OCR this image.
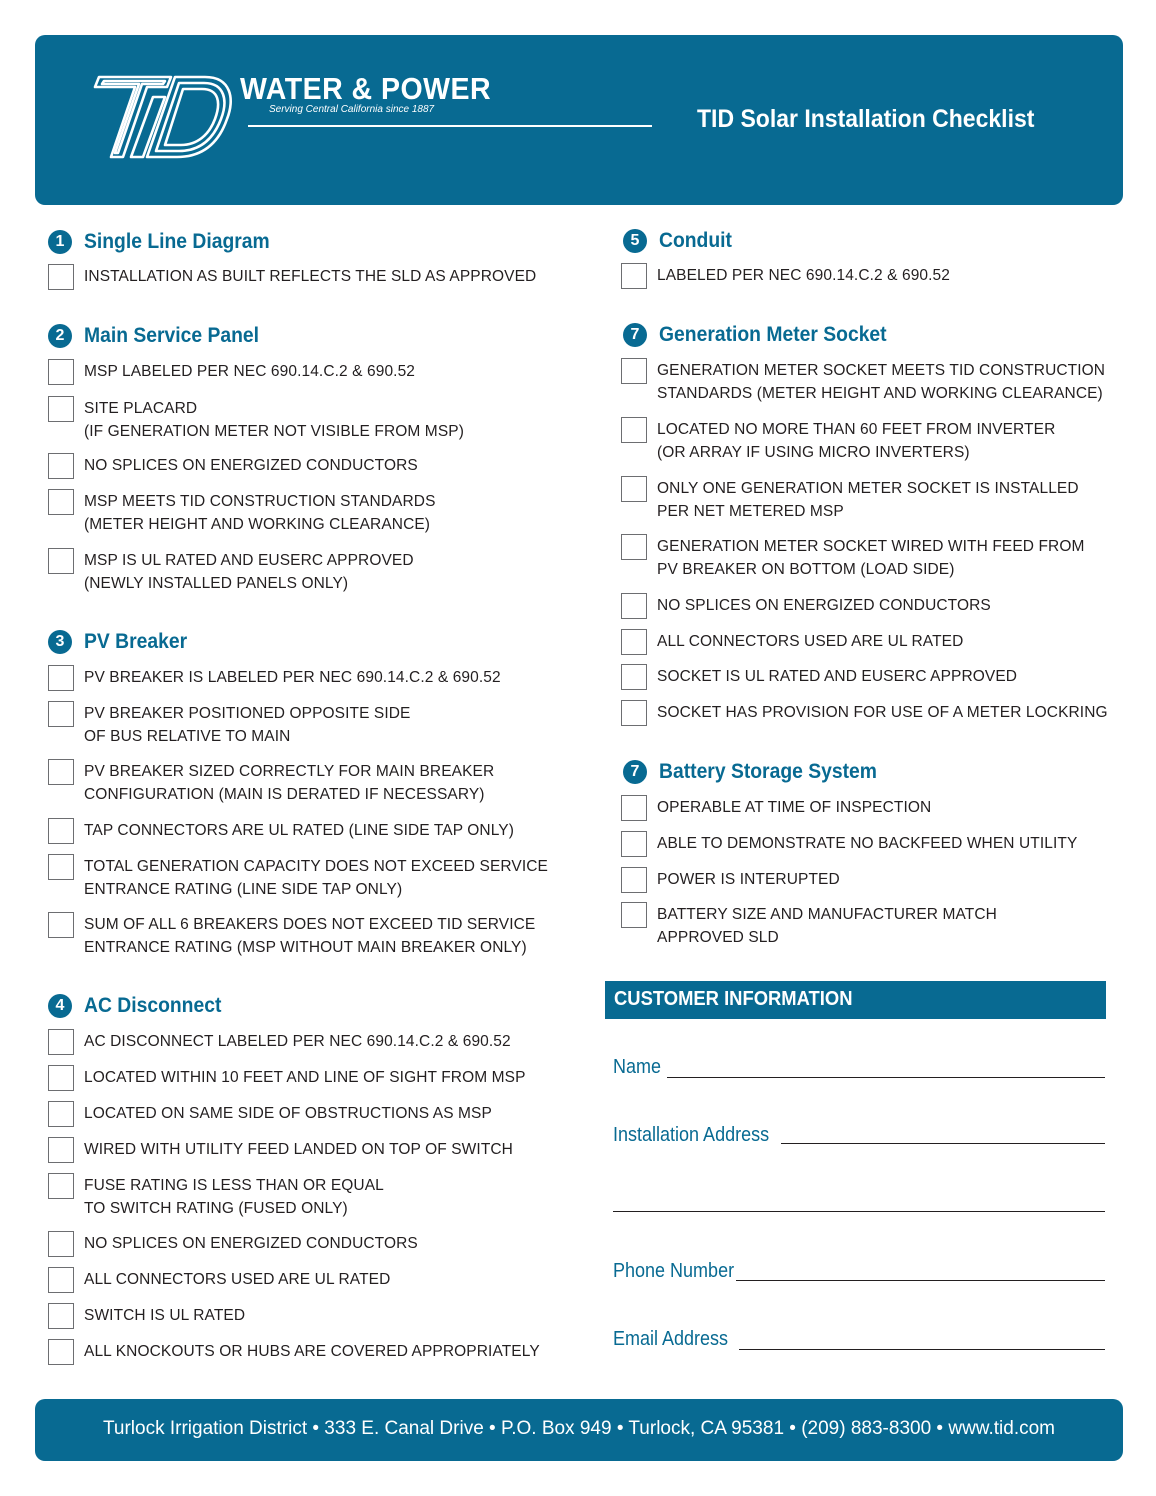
WATER & POWER
Serving Central California since 1887	TID Solar Installation Checklist
1 Single Line Diagram
INSTALLATION AS BUILT REFLECTS THE SLD AS APPROVED
2 Main Service Panel
MSP LABELED PER NEC 690.14.C.2 & 690.52
SITE PLACARD
(IF GENERATION METER NOT VISIBLE FROM MSP)
NO SPLICES ON ENERGIZED CONDUCTORS
MSP MEETS TID CONSTRUCTION STANDARDS
(METER HEIGHT AND WORKING CLEARANCE)
MSP IS UL RATED AND EUSERC APPROVED
(NEWLY INSTALLED PANELS ONLY)
3 PV Breaker
PV BREAKER IS LABELED PER NEC 690.14.C.2 & 690.52
PV BREAKER POSITIONED OPPOSITE SIDE
OF BUS RELATIVE TO MAIN
PV BREAKER SIZED CORRECTLY FOR MAIN BREAKER
CONFIGURATION (MAIN IS DERATED IF NECESSARY)
TAP CONNECTORS ARE UL RATED (LINE SIDE TAP ONLY)
TOTAL GENERATION CAPACITY DOES NOT EXCEED SERVICE
ENTRANCE RATING (LINE SIDE TAP ONLY)
SUM OF ALL 6 BREAKERS DOES NOT EXCEED TID SERVICE
ENTRANCE RATING (MSP WITHOUT MAIN BREAKER ONLY)
4 AC Disconnect
AC DISCONNECT LABELED PER NEC 690.14.C.2 & 690.52
LOCATED WITHIN 10 FEET AND LINE OF SIGHT FROM MSP
LOCATED ON SAME SIDE OF OBSTRUCTIONS AS MSP
WIRED WITH UTILITY FEED LANDED ON TOP OF SWITCH
FUSE RATING IS LESS THAN OR EQUAL
TO SWITCH RATING (FUSED ONLY)
NO SPLICES ON ENERGIZED CONDUCTORS
ALL CONNECTORS USED ARE UL RATED
SWITCH IS UL RATED
ALL KNOCKOUTS OR HUBS ARE COVERED APPROPRIATELY
5 Conduit
LABELED PER NEC 690.14.C.2 & 690.52
7 Generation Meter Socket
GENERATION METER SOCKET MEETS TID CONSTRUCTION
STANDARDS (METER HEIGHT AND WORKING CLEARANCE)
LOCATED NO MORE THAN 60 FEET FROM INVERTER
(OR ARRAY IF USING MICRO INVERTERS)
ONLY ONE GENERATION METER SOCKET IS INSTALLED
PER NET METERED MSP
GENERATION METER SOCKET WIRED WITH FEED FROM
PV BREAKER ON BOTTOM (LOAD SIDE)
NO SPLICES ON ENERGIZED CONDUCTORS
ALL CONNECTORS USED ARE UL RATED
SOCKET IS UL RATED AND EUSERC APPROVED
SOCKET HAS PROVISION FOR USE OF A METER LOCKRING
7 Battery Storage System
OPERABLE AT TIME OF INSPECTION
ABLE TO DEMONSTRATE NO BACKFEED WHEN UTILITY
POWER IS INTERUPTED
BATTERY SIZE AND MANUFACTURER MATCH
APPROVED SLD
CUSTOMER INFORMATION
Name
Installation Address
Phone Number
Email Address
Turlock Irrigation District • 333 E. Canal Drive • P.O. Box 949 • Turlock, CA 95381 • (209) 883-8300 • www.tid.com
